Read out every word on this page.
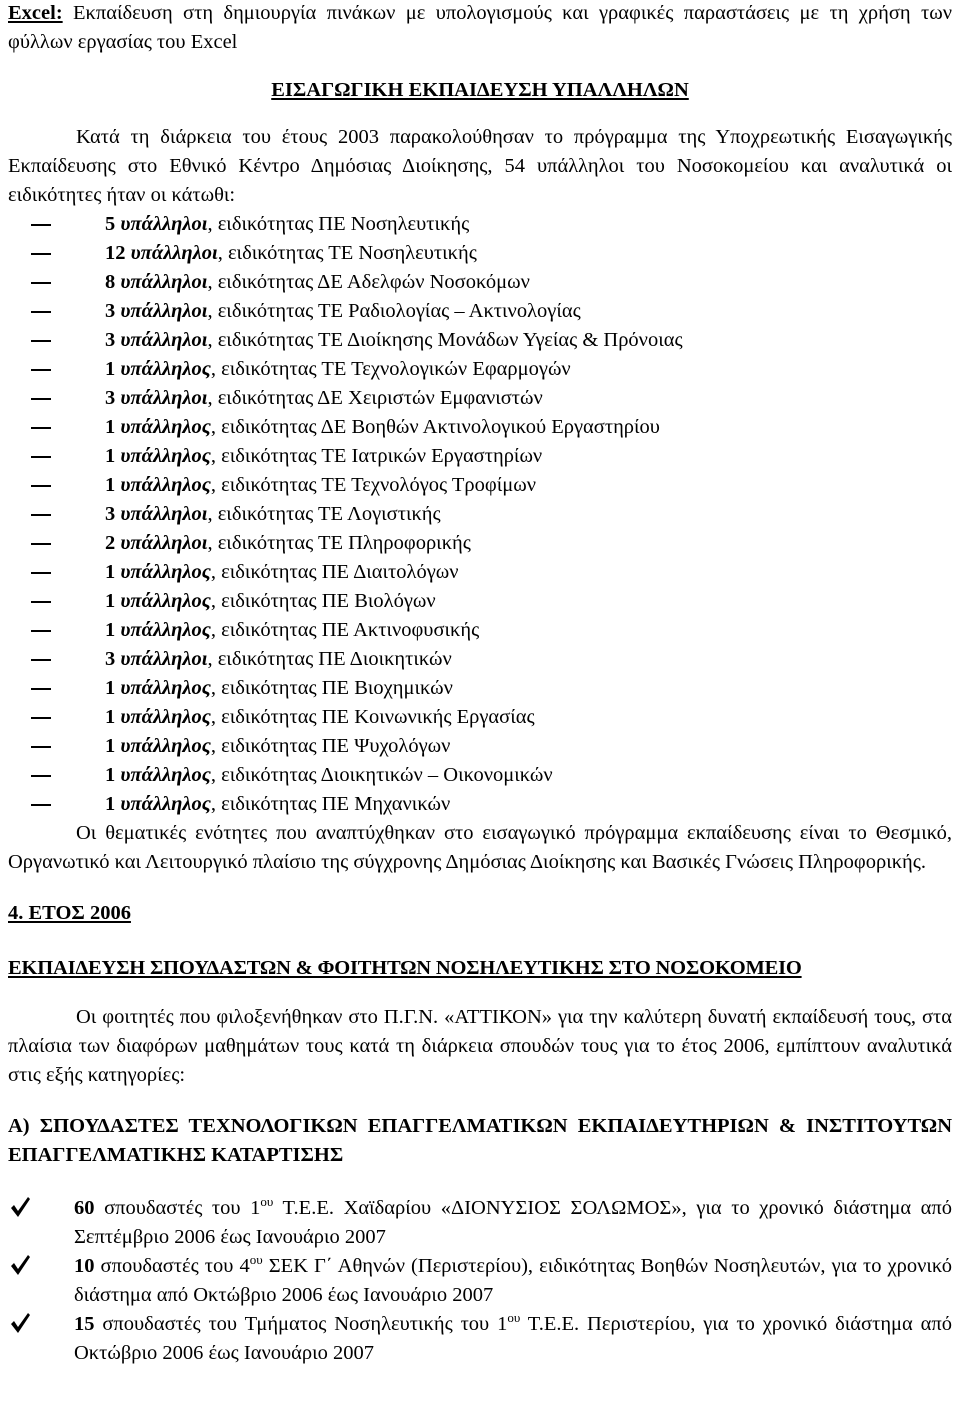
Excel: Εκπαίδευση στη δημιουργία πινάκων με υπολογισμούς και γραφικές παραστάσεις με τη χρήση των φύλλων εργασίας του Excel
ΕΙΣΑΓΩΓΙΚΗ ΕΚΠΑΙΔΕΥΣΗ ΥΠΑΛΛΗΛΩΝ
Κατά τη διάρκεια του έτους 2003 παρακολούθησαν το πρόγραμμα της Υποχρεωτικής Εισαγωγικής Εκπαίδευσης στο Εθνικό Κέντρο Δημόσιας Διοίκησης, 54 υπάλληλοι του Νοσοκομείου και αναλυτικά οι ειδικότητες ήταν οι κάτωθι:
5 υπάλληλοι, ειδικότητας ΠΕ Νοσηλευτικής
12 υπάλληλοι, ειδικότητας ΤΕ Νοσηλευτικής
8 υπάλληλοι, ειδικότητας ΔΕ Αδελφών Νοσοκόμων
3 υπάλληλοι, ειδικότητας ΤΕ Ραδιολογίας – Ακτινολογίας
3 υπάλληλοι, ειδικότητας ΤΕ Διοίκησης Μονάδων Υγείας & Πρόνοιας
1 υπάλληλος, ειδικότητας ΤΕ Τεχνολογικών Εφαρμογών
3 υπάλληλοι, ειδικότητας ΔΕ Χειριστών Εμφανιστών
1 υπάλληλος, ειδικότητας ΔΕ Βοηθών Ακτινολογικού Εργαστηρίου
1 υπάλληλος, ειδικότητας ΤΕ Ιατρικών Εργαστηρίων
1 υπάλληλος, ειδικότητας ΤΕ Τεχνολόγος Τροφίμων
3 υπάλληλοι, ειδικότητας ΤΕ Λογιστικής
2 υπάλληλοι, ειδικότητας ΤΕ Πληροφορικής
1 υπάλληλος, ειδικότητας ΠΕ Διαιτολόγων
1 υπάλληλος, ειδικότητας ΠΕ Βιολόγων
1 υπάλληλος, ειδικότητας ΠΕ Ακτινοφυσικής
3 υπάλληλοι, ειδικότητας ΠΕ Διοικητικών
1 υπάλληλος, ειδικότητας ΠΕ Βιοχημικών
1 υπάλληλος, ειδικότητας ΠΕ Κοινωνικής Εργασίας
1 υπάλληλος, ειδικότητας ΠΕ Ψυχολόγων
1 υπάλληλος, ειδικότητας Διοικητικών – Οικονομικών
1 υπάλληλος, ειδικότητας ΠΕ Μηχανικών
Οι θεματικές ενότητες που αναπτύχθηκαν στο εισαγωγικό πρόγραμμα εκπαίδευσης είναι το Θεσμικό, Οργανωτικό και Λειτουργικό πλαίσιο της σύγχρονης Δημόσιας Διοίκησης και Βασικές Γνώσεις Πληροφορικής.
4. ΕΤΟΣ 2006
ΕΚΠΑΙΔΕΥΣΗ ΣΠΟΥΔΑΣΤΩΝ & ΦΟΙΤΗΤΩΝ ΝΟΣΗΛΕΥΤΙΚΗΣ ΣΤΟ ΝΟΣΟΚΟΜΕΙΟ
Οι φοιτητές που φιλοξενήθηκαν στο Π.Γ.Ν. «ΑΤΤΙΚΟΝ» για την καλύτερη δυνατή εκπαίδευσή τους, στα πλαίσια των διαφόρων μαθημάτων τους κατά τη διάρκεια σπουδών τους για το έτος 2006, εμπίπτουν αναλυτικά στις εξής κατηγορίες:
Α) ΣΠΟΥΔΑΣΤΕΣ ΤΕΧΝΟΛΟΓΙΚΩΝ ΕΠΑΓΓΕΛΜΑΤΙΚΩΝ ΕΚΠΑΙΔΕΥΤΗΡΙΩΝ & ΙΝΣΤΙΤΟΥΤΩΝ ΕΠΑΓΓΕΛΜΑΤΙΚΗΣ ΚΑΤΑΡΤΙΣΗΣ
60 σπουδαστές του $1^{o\upsilon}$ Τ.Ε.Ε. Χαϊδαρίου «ΔΙΟΝΥΣΙΟΣ ΣΟΛΩΜΟΣ», για το χρονικό διάστημα από Σεπτέμβριο 2006 έως Ιανουάριο 2007
10 σπουδαστές του $4^{o\upsilon}$ ΣΕΚ Γ΄ Αθηνών (Περιστερίου), ειδικότητας Βοηθών Νοσηλευτών, για το χρονικό διάστημα από Οκτώβριο 2006 έως Ιανουάριο 2007
15 σπουδαστές του Τμήματος Νοσηλευτικής του $1^{o\upsilon}$ Τ.Ε.Ε. Περιστερίου, για το χρονικό διάστημα από Οκτώβριο 2006 έως Ιανουάριο 2007
